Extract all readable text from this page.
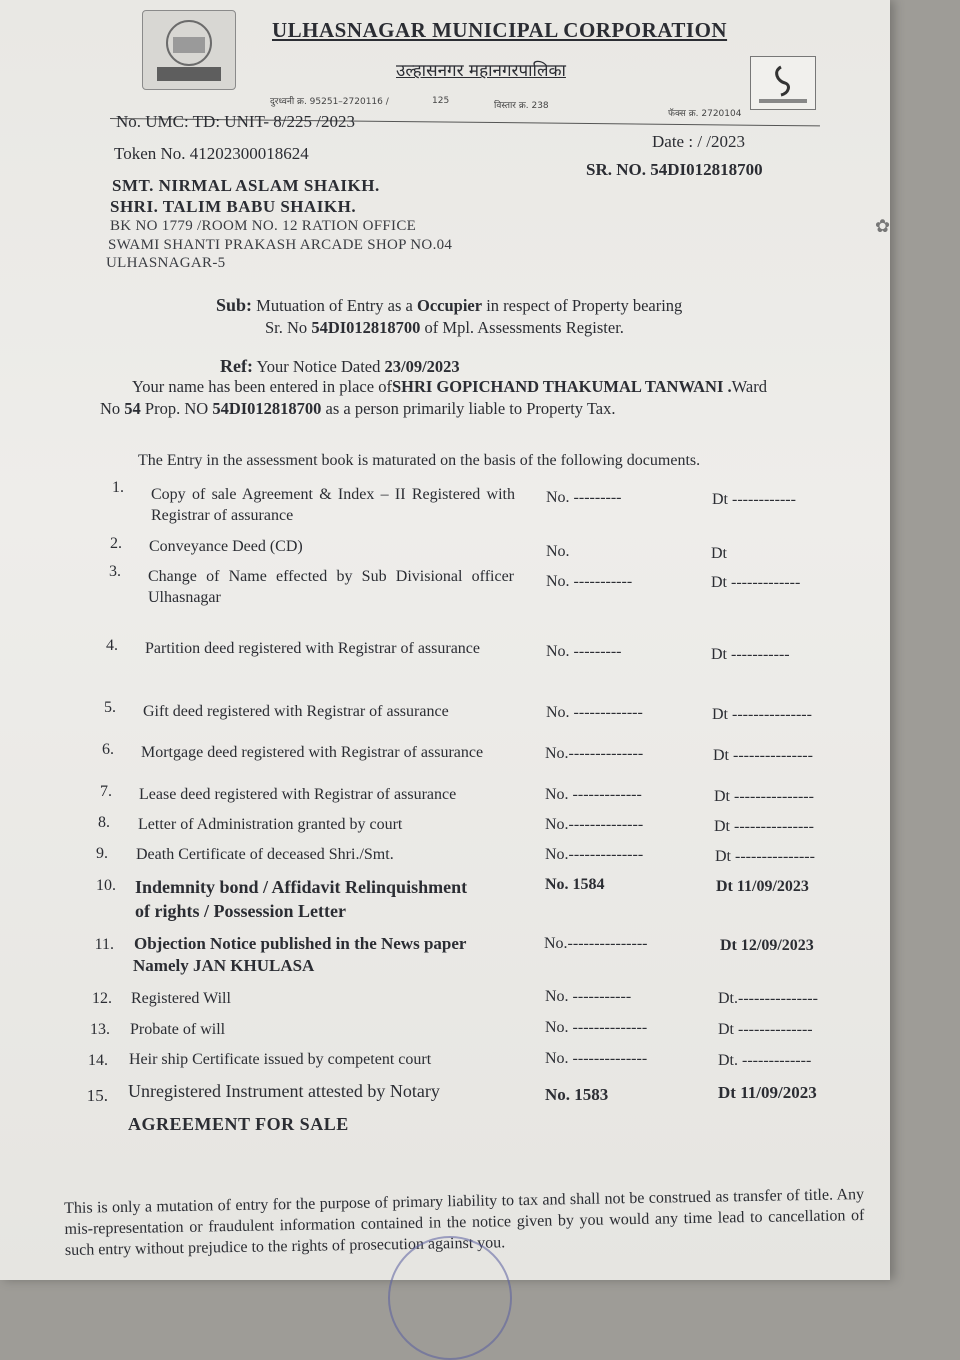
ULHASNAGAR MUNICIPAL CORPORATION
उल्हासनगर महानगरपालिका
दुरध्वनी क्र. 95251–2720116 /	125	विस्तार क्र. 238
फॅक्स क्र. 2720104
No. UMC: TD: UNIT- 8/225 /2023
Date : / /2023
Token No. 41202300018624
SR. NO. 54DI012818700
SMT. NIRMAL ASLAM SHAIKH.
SHRI. TALIM BABU SHAIKH.
BK NO 1779 /ROOM NO. 12 RATION OFFICE
SWAMI SHANTI PRAKASH ARCADE SHOP NO.04
ULHASNAGAR-5
✿
Sub: Mutuation of Entry as a Occupier in respect of Property bearing
Sr. No 54DI012818700 of Mpl. Assessments Register.
Ref: Your Notice Dated 23/09/2023
Your name has been entered in place ofSHRI GOPICHAND THAKUMAL TANWANI .Ward
No 54 Prop. NO 54DI012818700 as a person primarily liable to Property Tax.
The Entry in the assessment book is maturated on the basis of the following documents.
1. Copy of sale Agreement & Index – II Registered with Registrar of assurance
No. ---------	Dt ------------
2. Conveyance Deed (CD)	No.	Dt
3. Change of Name effected by Sub Divisional officer Ulhasnagar
No. -----------	Dt -------------
4. Partition deed registered with Registrar of assurance	No. ---------	Dt -----------
5. Gift deed registered with Registrar of assurance	No. -------------	Dt ---------------
6. Mortgage deed registered with Registrar of assurance	No.--------------	Dt ---------------
7. Lease deed registered with Registrar of assurance	No. -------------	Dt ---------------
8. Letter of Administration granted by court	No.--------------	Dt ---------------
9. Death Certificate of deceased Shri./Smt.	No.--------------	Dt ---------------
10. Indemnity bond / Affidavit Relinquishment
of rights / Possession Letter
No. 1584	Dt 11/09/2023
11. Objection Notice published in the News paper
Namely JAN KHULASA
No.---------------	Dt 12/09/2023
12. Registered Will	No. -----------	Dt.---------------
13. Probate of will	No. --------------	Dt --------------
14. Heir ship Certificate issued by competent court	No. --------------	Dt. -------------
15. Unregistered Instrument attested by Notary	No. 1583	Dt 11/09/2023
AGREEMENT FOR SALE
This is only a mutation of entry for the purpose of primary liability to tax and shall not be construed as transfer of title. Any mis-representation or fraudulent information contained in the notice given by you would any time lead to cancellation of such entry without prejudice to the rights of prosecution against you.
